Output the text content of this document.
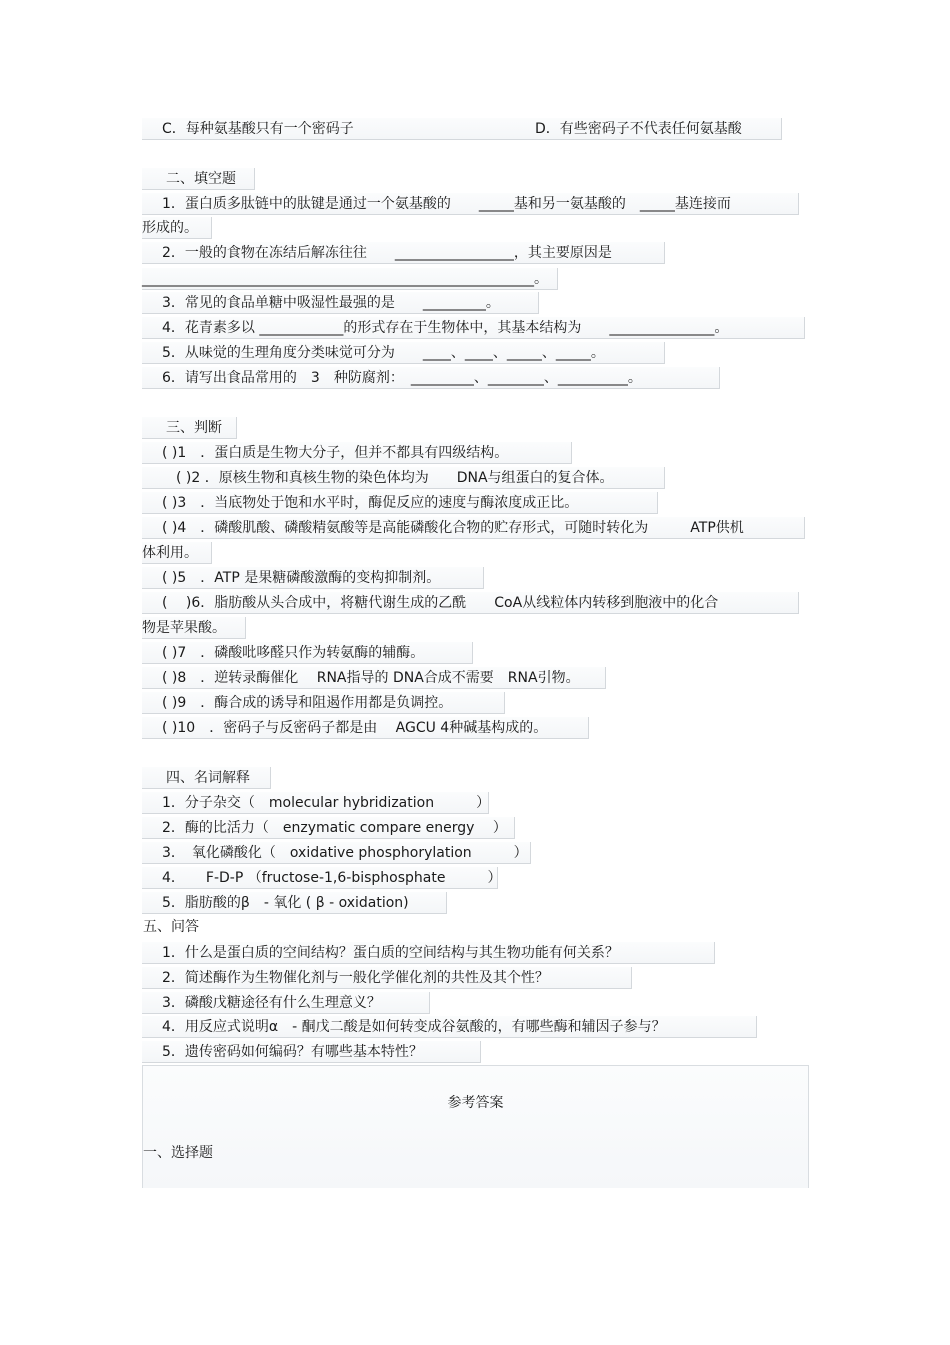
C．每种氨基酸只有一个密码子	D．有些密码子不代表任何氨基酸
二、填空题
1．蛋白质多肽链中的肽键是通过一个氨基酸的　　_____基和另一氨基酸的　_____基连接而
形成的。
2．一般的食物在冻结后解冻往往　　_________________，其主要原因是
________________________________________________________。
3．常见的食品单糖中吸湿性最强的是　　_________。
4．花青素多以 ____________的形式存在于生物体中，其基本结构为　　_______________。
5．从味觉的生理角度分类味觉可分为　　____、____、_____、_____。
6．请写出食品常用的　3　种防腐剂：　_________、________、__________。
三、判断
( )1　．蛋白质是生物大分子，但并不都具有四级结构。
( )2 ．原核生物和真核生物的染色体均为　　DNA与组蛋白的复合体。
( )3　．当底物处于饱和水平时，酶促反应的速度与酶浓度成正比。
( )4　．磷酸肌酸、磷酸精氨酸等是高能磷酸化合物的贮存形式，可随时转化为　　　ATP供机
体利用。
( )5　．ATP 是果糖磷酸激酶的变构抑制剂。
(　 )6．脂肪酸从头合成中，将糖代谢生成的乙酰　　CoA从线粒体内转移到胞液中的化合
物是苹果酸。
( )7　．磷酸吡哆醛只作为转氨酶的辅酶。
( )8　．逆转录酶催化　 RNA指导的 DNA合成不需要　RNA引物。
( )9　．酶合成的诱导和阻遏作用都是负调控。
( )10　．密码子与反密码子都是由　 AGCU 4种碱基构成的。
四、名词解释
1．分子杂交（　molecular hybridization　　　）
2．酶的比活力（　enzymatic compare energy　 ）
3．　氧化磷酸化（　oxidative phosphorylation　　　）
4．　　F-D-P （fructose-1,6-bisphosphate　　　）
5．脂肪酸的β　- 氧化 ( β - oxidation)
五、问答
1．什么是蛋白质的空间结构？蛋白质的空间结构与其生物功能有何关系？
2．简述酶作为生物催化剂与一般化学催化剂的共性及其个性？
3．磷酸戊糖途径有什么生理意义？
4．用反应式说明α　- 酮戊二酸是如何转变成谷氨酸的，有哪些酶和辅因子参与？
5．遗传密码如何编码？有哪些基本特性？
参考答案
一、选择题
